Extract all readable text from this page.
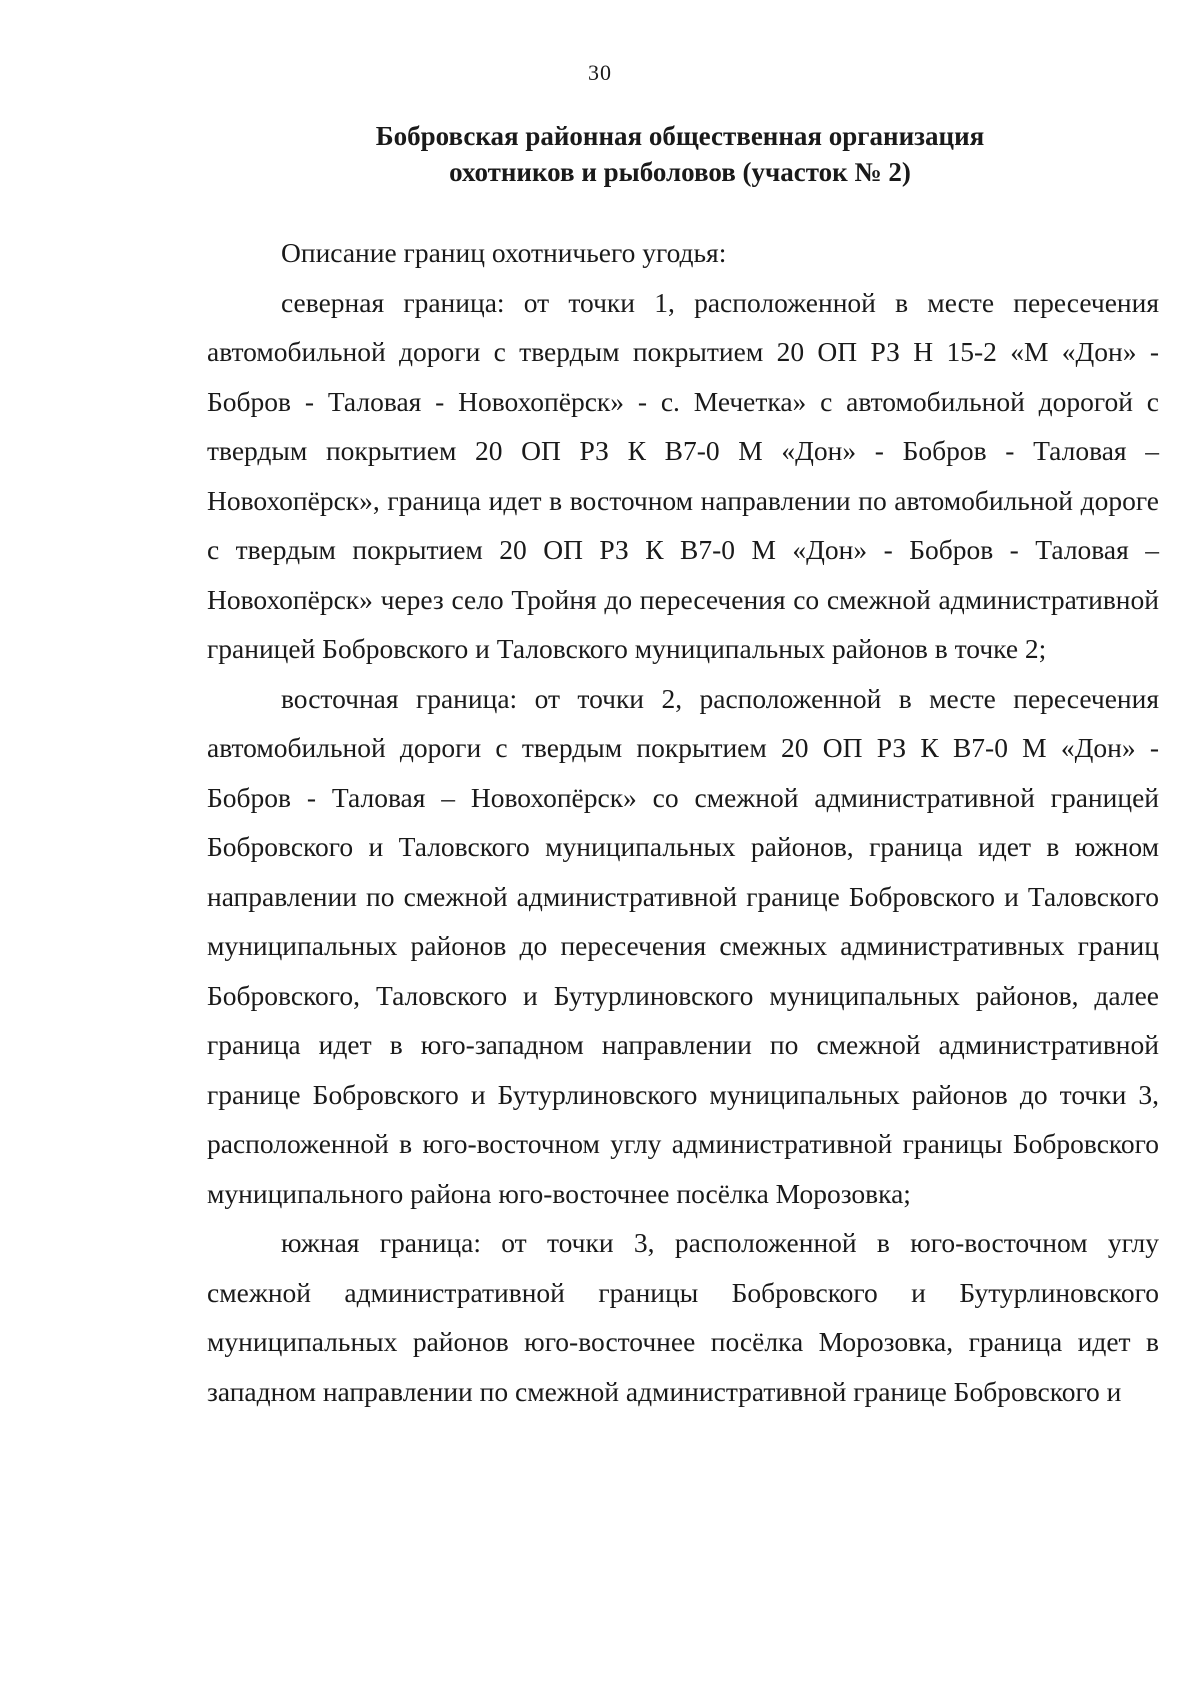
30
Бобровская районная общественная организация
охотников и рыболовов (участок № 2)

Описание границ охотничьего угодья:

северная граница: от точки 1, расположенной в месте пересечения автомобильной дороги с твердым покрытием 20 ОП РЗ Н 15-2 «М «Дон» - Бобров - Таловая - Новохопёрск» - с. Мечетка» с автомобильной дорогой с твердым покрытием 20 ОП РЗ К В7-0 М «Дон» - Бобров - Таловая – Новохопёрск», граница идет в восточном направлении по автомобильной дороге с твердым покрытием 20 ОП РЗ К В7-0 М «Дон» - Бобров - Таловая – Новохопёрск» через село Тройня до пересечения со смежной административной границей Бобровского и Таловского муниципальных районов в точке 2;

восточная граница: от точки 2, расположенной в месте пересечения автомобильной дороги с твердым покрытием 20 ОП РЗ К В7-0 М «Дон» - Бобров - Таловая – Новохопёрск» со смежной административной границей Бобровского и Таловского муниципальных районов, граница идет в южном направлении по смежной административной границе Бобровского и Таловского муниципальных районов до пересечения смежных административных границ Бобровского, Таловского и Бутурлиновского муниципальных районов, далее граница идет в юго-западном направлении по смежной административной границе Бобровского и Бутурлиновского муниципальных районов до точки 3, расположенной в юго-восточном углу административной границы Бобровского муниципального района юго-восточнее посёлка Морозовка;

южная граница: от точки 3, расположенной в юго-восточном углу смежной административной границы Бобровского и Бутурлиновского муниципальных районов юго-восточнее посёлка Морозовка, граница идет в западном направлении по смежной административной границе Бобровского и
